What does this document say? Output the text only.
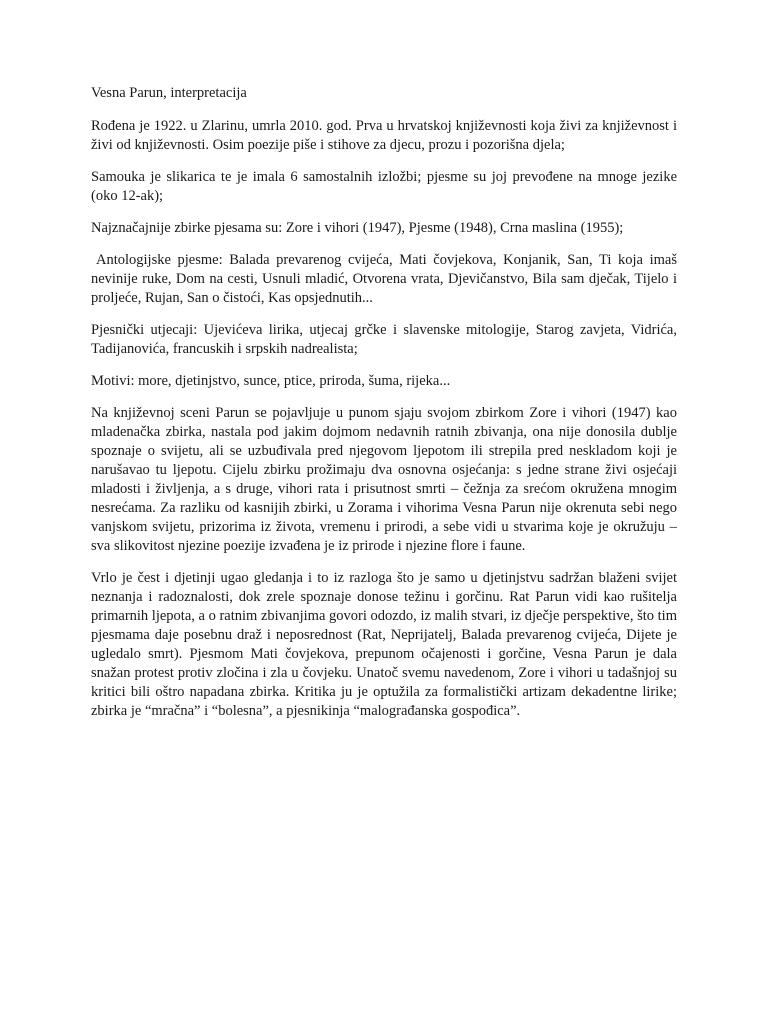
Vesna Parun, interpretacija

Rođena je 1922. u Zlarinu, umrla 2010. god. Prva u hrvatskoj književnosti koja živi za književnost i živi od književnosti. Osim poezije piše i stihove za djecu, prozu i pozorišna djela;

Samouka je slikarica te je imala 6 samostalnih izložbi; pjesme su joj prevođene na mnoge jezike (oko 12-ak);

Najznačajnije zbirke pjesama su: Zore i vihori (1947), Pjesme (1948), Crna maslina (1955);

Antologijske pjesme: Balada prevarenog cvijeća, Mati čovjekova, Konjanik, San, Ti koja imaš nevinije ruke, Dom na cesti, Usnuli mladić, Otvorena vrata, Djevičanstvo, Bila sam dječak, Tijelo i proljeće, Rujan, San o čistoći, Kas opsjednutih...

Pjesnički utjecaji: Ujevićeva lirika, utjecaj grčke i slavenske mitologije, Starog zavjeta, Vidrića, Tadijanovića, francuskih i srpskih nadrealista;

Motivi: more, djetinjstvo, sunce, ptice, priroda, šuma, rijeka...

Na književnoj sceni Parun se pojavljuje u punom sjaju svojom zbirkom Zore i vihori (1947) kao mladenačka zbirka, nastala pod jakim dojmom nedavnih ratnih zbivanja, ona nije donosila dublje spoznaje o svijetu, ali se uzbuđivala pred njegovom ljepotom ili strepila pred neskladom koji je narušavao tu ljepotu. Cijelu zbirku prožimaju dva osnovna osjećanja: s jedne strane živi osjećaji mladosti i življenja, a s druge, vihori rata i prisutnost smrti – čežnja za srećom okružena mnogim nesrećama. Za razliku od kasnijih zbirki, u Zorama i vihorima Vesna Parun nije okrenuta sebi nego vanjskom svijetu, prizorima iz života, vremenu i prirodi, a sebe vidi u stvarima koje je okružuju – sva slikovitost njezine poezije izvađena je iz prirode i njezine flore i faune.

Vrlo je čest i djetinji ugao gledanja i to iz razloga što je samo u djetinjstvu sadržan blaženi svijet neznanja i radoznalosti, dok zrele spoznaje donose težinu i gorčinu. Rat Parun vidi kao rušitelja primarnih ljepota, a o ratnim zbivanjima govori odozdo, iz malih stvari, iz dječje perspektive, što tim pjesmama daje posebnu draž i neposrednost (Rat, Neprijatelj, Balada prevarenog cvijeća, Dijete je ugledalo smrt). Pjesmom Mati čovjekova, prepunom očajenosti i gorčine, Vesna Parun je dala snažan protest protiv zločina i zla u čovjeku. Unatoč svemu navedenom, Zore i vihori u tadašnjoj su kritici bili oštro napadana zbirka. Kritika ju je optužila za formalistički artizam dekadentne lirike; zbirka je “mračna” i “bolesna”, a pjesnikinja “malograđanska gospođica”.
